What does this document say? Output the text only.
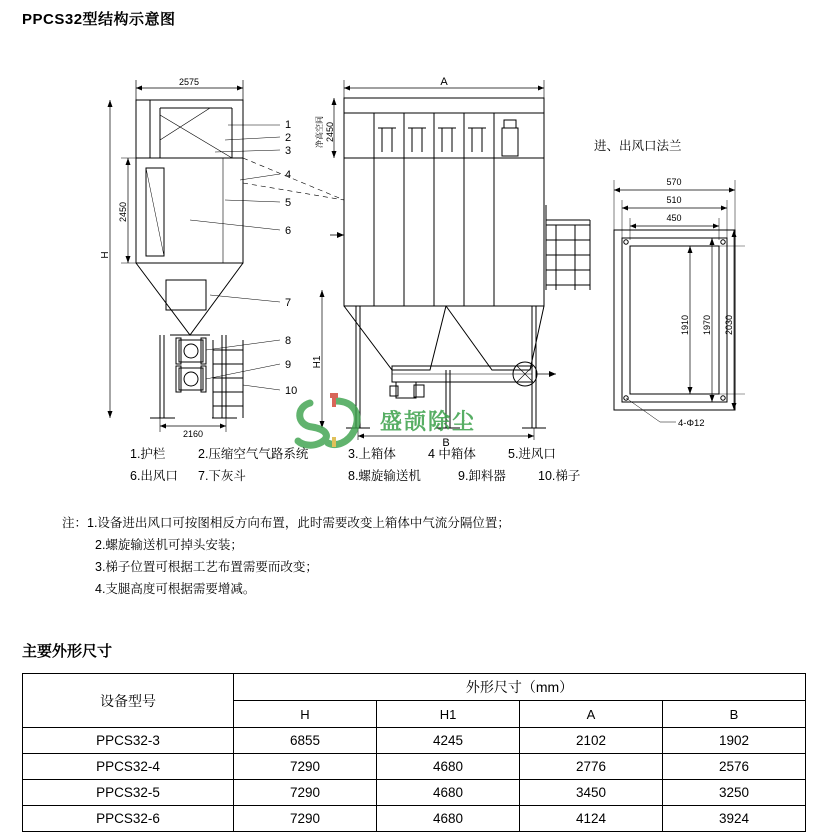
PPCS32型结构示意图
2575
2160
H
2450
A
2450
净高空间
H1
B
570
510
450
1910 1970 2030
4-Φ12
1
2
3
4
5
6
7
8
9
10
进、出风口法兰
盛颉除尘
1.护栏	2.压缩空气气路系统	3.上箱体	4 中箱体	5.进风口
6.出风口	7.下灰斗	8.螺旋输送机	9.卸料器	10.梯子
注：1.设备进出风口可按图相反方向布置，此时需要改变上箱体中气流分隔位置；
2.螺旋输送机可掉头安装；
3.梯子位置可根据工艺布置需要而改变；
4.支腿高度可根据需要增减。
主要外形尺寸
设备型号	外形尺寸（mm）			
	H	H1	A	B
PPCS32-3	6855	4245	2102	1902
PPCS32-4	7290	4680	2776	2576
PPCS32-5	7290	4680	3450	3250
PPCS32-6	7290	4680	4124	3924
